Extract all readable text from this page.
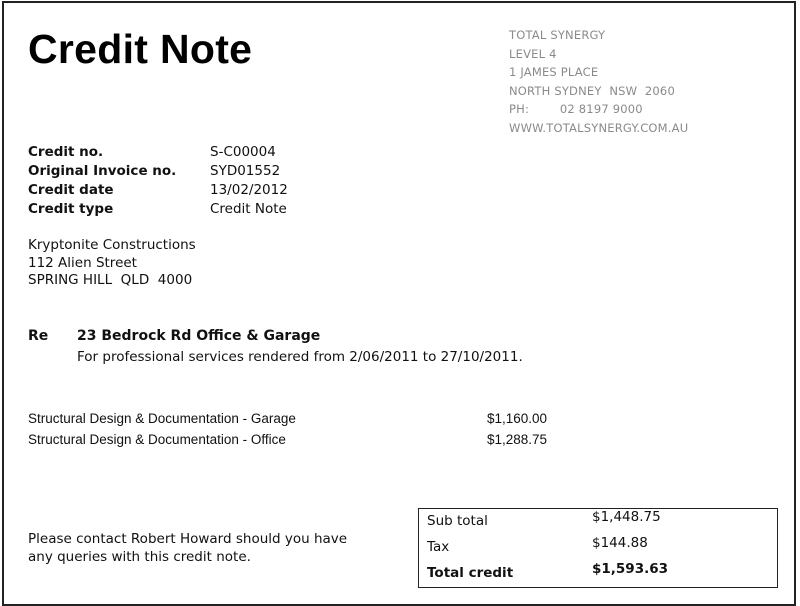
Credit Note	TOTAL SYNERGY
LEVEL 4
1 JAMES PLACE
NORTH SYDNEY  NSW  2060
PH:        02 8197 9000
WWW.TOTALSYNERGY.COM.AU
Credit no.	S-C00004
Original Invoice no. SYD01552
Credit date	13/02/2012
Credit type	Credit Note
Kryptonite Constructions
112 Alien Street
SPRING HILL  QLD  4000
Re 23 Bedrock Rd Office & Garage
For professional services rendered from 2/06/2011 to 27/10/2011.
Structural Design & Documentation - Garage	$1,160.00
Structural Design & Documentation - Office	$1,288.75
Please contact Robert Howard should you have any queries with this credit note.
Sub total	$1,448.75
Tax	$144.88
Total credit	$1,593.63
